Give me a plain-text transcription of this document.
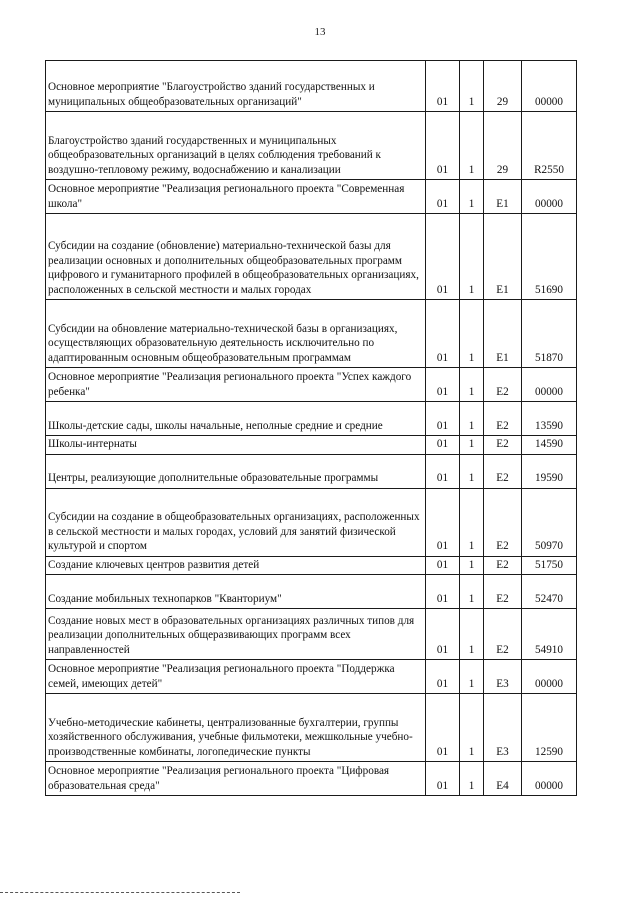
13
Основное мероприятие "Благоустройство зданий государственных и муниципальных общеобразовательных организаций"	01	1	29	00000
Благоустройство зданий государственных и муниципальных общеобразовательных организаций в целях соблюдения требований к воздушно-тепловому режиму, водоснабжению и канализации	01	1	29	R2550
Основное мероприятие "Реализация регионального проекта "Современная школа"	01	1	E1	00000
Субсидии на создание (обновление) материально-технической базы для реализации основных и дополнительных общеобразовательных программ цифрового и гуманитарного профилей в общеобразовательных организациях, расположенных в сельской местности и малых городах	01	1	E1	51690
Субсидии на обновление материально-технической базы в организациях, осуществляющих образовательную деятельность исключительно по адаптированным основным общеобразовательным программам	01	1	E1	51870
Основное мероприятие "Реализация регионального проекта "Успех каждого ребенка"	01	1	E2	00000
Школы-детские сады, школы начальные, неполные средние и средние	01	1	E2	13590
Школы-интернаты	01	1	E2	14590
Центры, реализующие дополнительные образовательные программы	01	1	E2	19590
Субсидии на создание в общеобразовательных организациях, расположенных в сельской местности и малых городах, условий для занятий физической культурой и спортом	01	1	E2	50970
Создание ключевых центров развития детей	01	1	E2	51750
Создание мобильных технопарков "Кванториум"	01	1	E2	52470
Создание новых мест в образовательных организациях различных типов для реализации дополнительных общеразвивающих программ всех направленностей	01	1	E2	54910
Основное мероприятие "Реализация регионального проекта "Поддержка семей, имеющих детей"	01	1	E3	00000
Учебно-методические кабинеты, централизованные бухгалтерии, группы хозяйственного обслуживания, учебные фильмотеки, межшкольные учебно-производственные комбинаты, логопедические пункты	01	1	E3	12590
Основное мероприятие "Реализация регионального проекта "Цифровая образовательная среда"	01	1	E4	00000
